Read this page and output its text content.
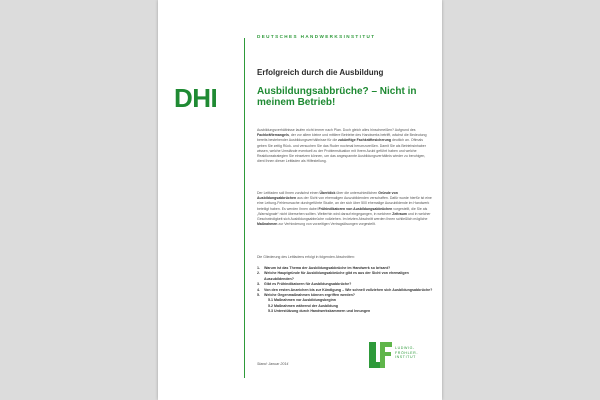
DEUTSCHES HANDWERKSINSTITUT
DHI
Erfolgreich durch die Ausbildung
Ausbildungsabbrüche? – Nicht in meinem Betrieb!
Ausbildungsverhältnisse laufen nicht immer nach Plan. Doch gleich alles hinschmeißen? Aufgrund des Fachkräftemangels, der vor allem kleine und mittlere Betriebe des Handwerks betrifft, wächst die Bedeutung bereits bestehender Ausbildungsverhältnisse für die zukünftige Fachkräftesicherung deutlich an. Oftmals geben Sie zeitig Rück- und versuchen Sie das Ruder nochmal herumzureißen. Damit Sie als Betriebsinhaber wissen, welche Umstände eventuell zu der Problemsituation mit Ihrem Azubi geführt haben und welche Reaktionsstrategien Sie einsetzen können, um das angespannte Ausbildungsverhältnis wieder zu beruhigen, dient Ihnen dieser Leitfaden als Hilfestellung.
Der Leitfaden soll Ihnen zunächst einen Überblick über die unterschiedlichen Gründe von Ausbildungsabbrüchen aus der Sicht von ehemaligen Auszubildenden verschaffen. Dafür wurde hierfür ist eine eine Leitung-Fehlerursache durchgeführte Studie, an der sich über 500 ehemalige Auszubildende im Handwerk beteiligt haben. Es werden Ihnen dabei Frühindikatoren von Ausbildungsabbrüchen vorgestellt, die Sie als „Warnsignale“ nicht übersehen sollten. Weiterhin wird darauf eingegangen, in welchem Zeitraum und in welcher Geschwindigkeit sich Ausbildungsabbrüche vollziehen. Im letzten Abschnitt werden Ihnen schließlich mögliche Maßnahmen zur Verhinderung von vorzeitigen Vertragslösungen vorgestellt.
Die Gliederung des Leitfadens erfolgt in folgenden Abschnitten:
1.	Warum ist das Thema der Ausbildungsabbrüche im Handwerk so brisant?
2.	Welche Hauptgründe für Ausbildungsabbrüche gibt es aus der Sicht von ehemaligen Auszubildenden?
3.	Gibt es Frühindikatoren für Ausbildungsabbrüche?
4.	Von den ersten Anzeichen bis zur Kündigung – Wie schnell vollziehen sich Ausbildungsabbrüche?
5.	Welche Gegenmaßnahmen können ergriffen werden?
5.1 Maßnahmen vor Ausbildungsbeginn
5.2 Maßnahmen während der Ausbildung
5.3 Unterstützung durch Handwerkskammern und Innungen
Stand: Januar 2014
LUDWIG-
FRÖHLER-
INSTITUT
